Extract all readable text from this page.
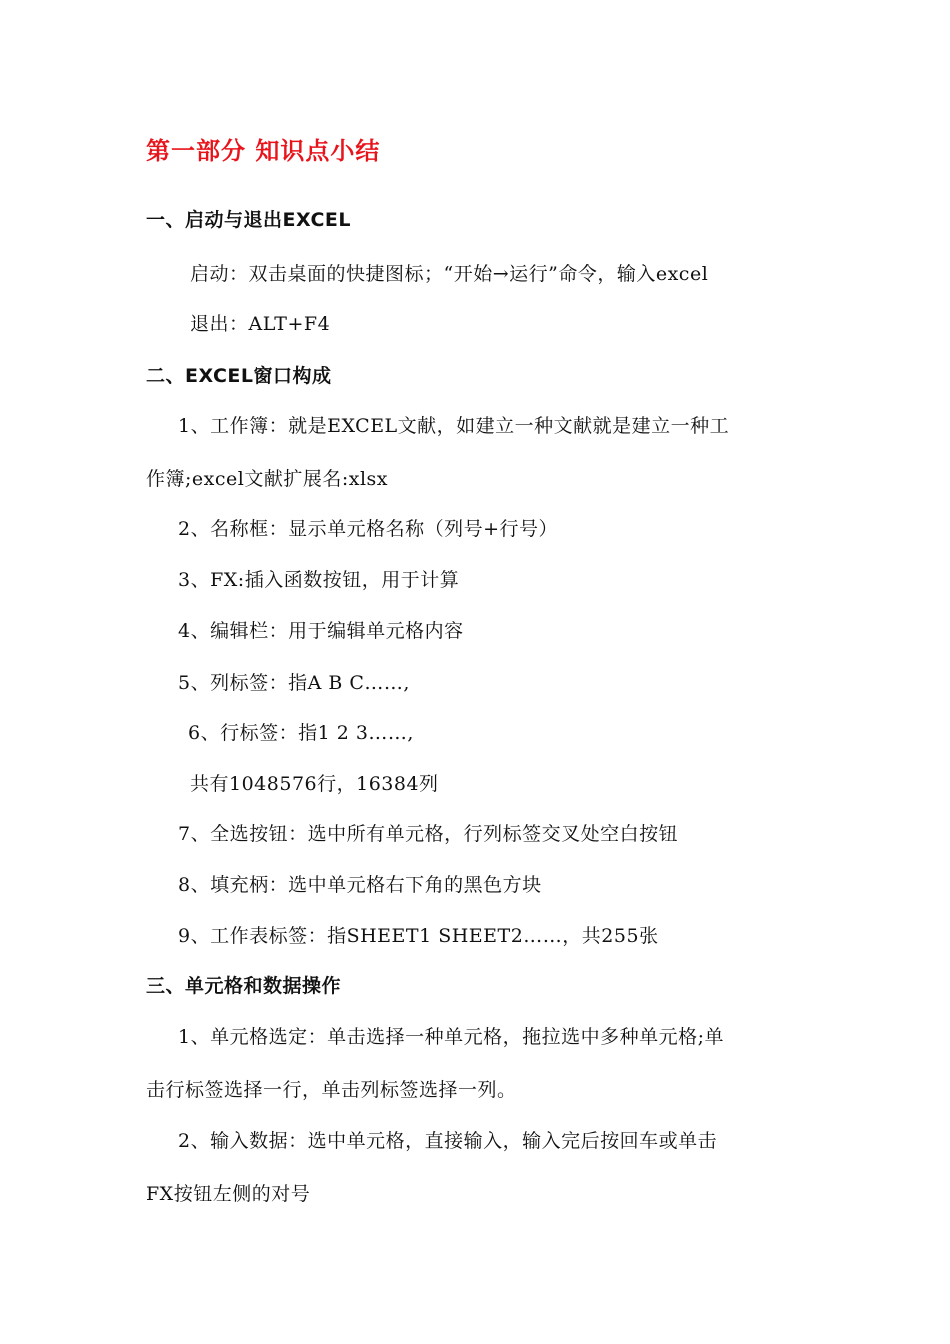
第一部分 知识点小结
一、启动与退出EXCEL
启动：双击桌面的快捷图标；“开始→运行”命令，输入excel
退出：ALT+F4
二、EXCEL窗口构成
1、工作簿：就是EXCEL文献，如建立一种文献就是建立一种工
作簿;excel文献扩展名:xlsx
2、名称框：显示单元格名称（列号+行号）
3、FX:插入函数按钮，用于计算
4、编辑栏：用于编辑单元格内容
5、列标签：指A B C……,
6、行标签：指1 2 3……,
共有1048576行，16384列
7、全选按钮：选中所有单元格，行列标签交叉处空白按钮
8、填充柄：选中单元格右下角的黑色方块
9、工作表标签：指SHEET1 SHEET2……，共255张
三、单元格和数据操作
1、单元格选定：单击选择一种单元格，拖拉选中多种单元格;单
击行标签选择一行，单击列标签选择一列。
2、输入数据：选中单元格，直接输入，输入完后按回车或单击
FX按钮左侧的对号
